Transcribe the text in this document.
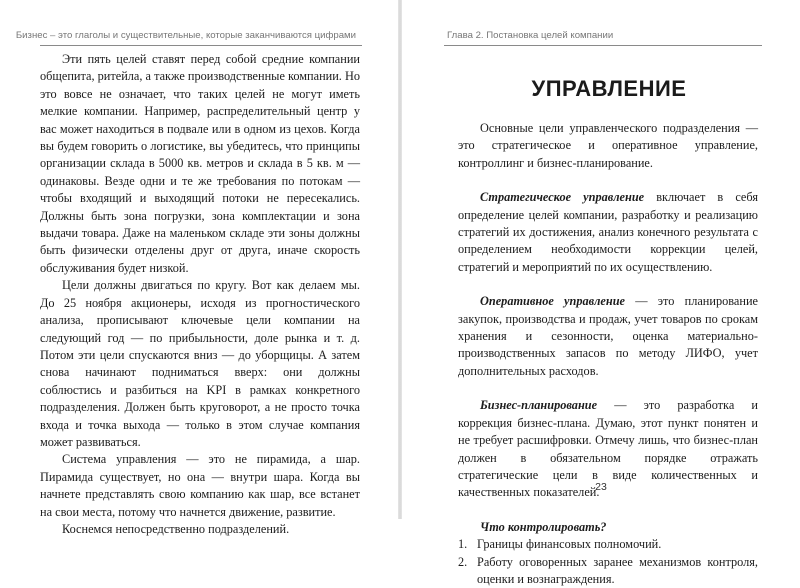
Бизнес – это глаголы и существительные, которые заканчиваются цифрами

Эти пять целей ставят перед собой средние компании общепита, ритейла, а также производственные компании. Но это вовсе не означает, что таких целей не могут иметь мелкие компании. Например, распределительный центр у вас может находиться в подвале или в одном из цехов. Когда вы будем говорить о логистике, вы убедитесь, что принципы организации склада в 5000 кв. метров и склада в 5 кв. м — одинаковы. Везде одни и те же требования по потокам — чтобы входящий и выходящий потоки не пересекались. Должны быть зона погрузки, зона комплектации и зона выдачи товара. Даже на маленьком складе эти зоны должны быть физически отделены друг от друга, иначе скорость обслуживания будет низкой.

Цели должны двигаться по кругу. Вот как делаем мы. До 25 ноября акционеры, исходя из прогностического анализа, прописывают ключевые цели компании на следующий год — по прибыльности, доле рынка и т. д. Потом эти цели спускаются вниз — до уборщицы. А затем снова начинают подниматься вверх: они должны соблюстись и разбиться на KPI в рамках конкретного подразделения. Должен быть круговорот, а не просто точка входа и точка выхода — только в этом случае компания может развиваться.

Система управления — это не пирамида, а шар. Пирамида существует, но она — внутри шара. Когда вы начнете представлять свою компанию как шар, все встанет на свои места, потому что начнется движение, развитие.

Коснемся непосредственно подразделений.

Глава 2. Постановка целей компании
УПРАВЛЕНИЕ

Основные цели управленческого подразделения — это стратегическое и оперативное управление, контроллинг и бизнес-планирование.

Стратегическое управление включает в себя определение целей компании, разработку и реализацию стратегий их достижения, анализ конечного результата с определением необходимости коррекции целей, стратегий и мероприятий по их осуществлению.

Оперативное управление — это планирование закупок, производства и продаж, учет товаров по срокам хранения и сезонности, оценка материально-производственных запасов по методу ЛИФО, учет дополнительных расходов.

Бизнес-планирование — это разработка и коррекция бизнес-плана. Думаю, этот пункт понятен и не требует расшифровки. Отмечу лишь, что бизнес-план должен в обязательном порядке отражать стратегические цели в виде количественных и качественных показателей.

Что контролировать?

1. Границы финансовых полномочий.
2. Работу оговоренных заранее механизмов контроля, оценки и вознаграждения.
23
